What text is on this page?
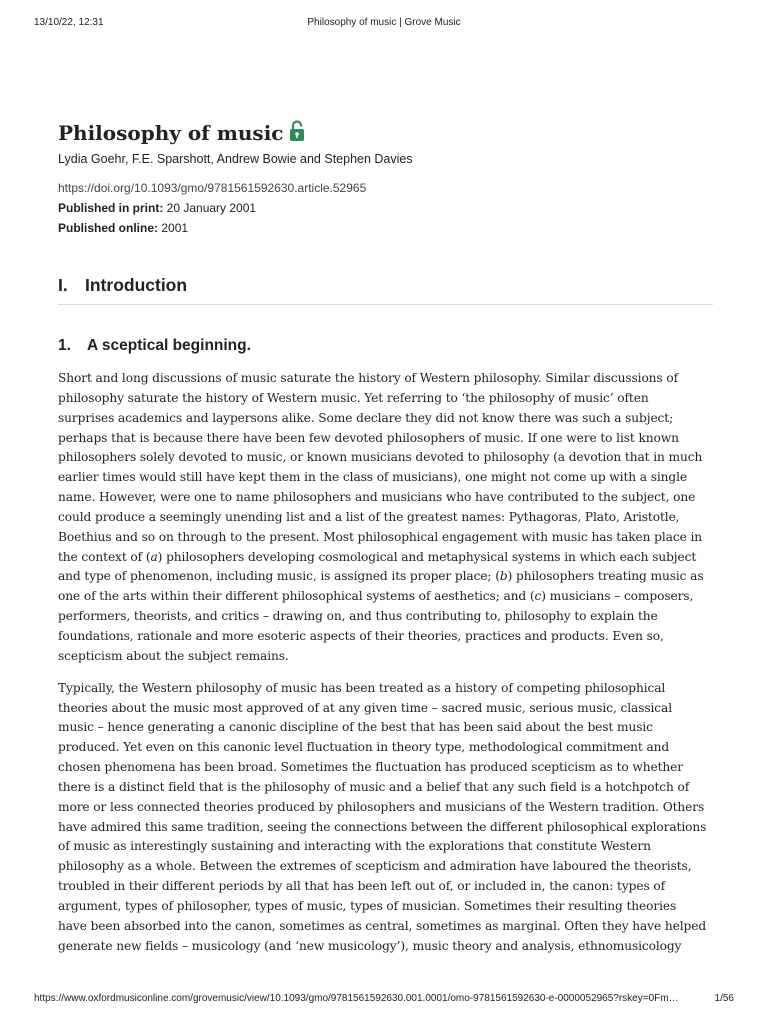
13/10/22, 12:31	Philosophy of music | Grove Music
Philosophy of music
Lydia Goehr, F.E. Sparshott, Andrew Bowie and Stephen Davies
https://doi.org/10.1093/gmo/9781561592630.article.52965
Published in print: 20 January 2001
Published online: 2001
I. Introduction
1. A sceptical beginning.
Short and long discussions of music saturate the history of Western philosophy. Similar discussions of
philosophy saturate the history of Western music. Yet referring to ‘the philosophy of music’ often
surprises academics and laypersons alike. Some declare they did not know there was such a subject;
perhaps that is because there have been few devoted philosophers of music. If one were to list known
philosophers solely devoted to music, or known musicians devoted to philosophy (a devotion that in much
earlier times would still have kept them in the class of musicians), one might not come up with a single
name. However, were one to name philosophers and musicians who have contributed to the subject, one
could produce a seemingly unending list and a list of the greatest names: Pythagoras, Plato, Aristotle,
Boethius and so on through to the present. Most philosophical engagement with music has taken place in
the context of (a) philosophers developing cosmological and metaphysical systems in which each subject
and type of phenomenon, including music, is assigned its proper place; (b) philosophers treating music as
one of the arts within their different philosophical systems of aesthetics; and (c) musicians – composers,
performers, theorists, and critics – drawing on, and thus contributing to, philosophy to explain the
foundations, rationale and more esoteric aspects of their theories, practices and products. Even so,
scepticism about the subject remains.
Typically, the Western philosophy of music has been treated as a history of competing philosophical
theories about the music most approved of at any given time – sacred music, serious music, classical
music – hence generating a canonic discipline of the best that has been said about the best music
produced. Yet even on this canonic level fluctuation in theory type, methodological commitment and
chosen phenomena has been broad. Sometimes the fluctuation has produced scepticism as to whether
there is a distinct field that is the philosophy of music and a belief that any such field is a hotchpotch of
more or less connected theories produced by philosophers and musicians of the Western tradition. Others
have admired this same tradition, seeing the connections between the different philosophical explorations
of music as interestingly sustaining and interacting with the explorations that constitute Western
philosophy as a whole. Between the extremes of scepticism and admiration have laboured the theorists,
troubled in their different periods by all that has been left out of, or included in, the canon: types of
argument, types of philosopher, types of music, types of musician. Sometimes their resulting theories
have been absorbed into the canon, sometimes as central, sometimes as marginal. Often they have helped
generate new fields – musicology (and ‘new musicology’), music theory and analysis, ethnomusicology
https://www.oxfordmusiconline.com/grovemusic/view/10.1093/gmo/9781561592630.001.0001/omo-9781561592630-e-0000052965?rskey=0Fm…	1/56
